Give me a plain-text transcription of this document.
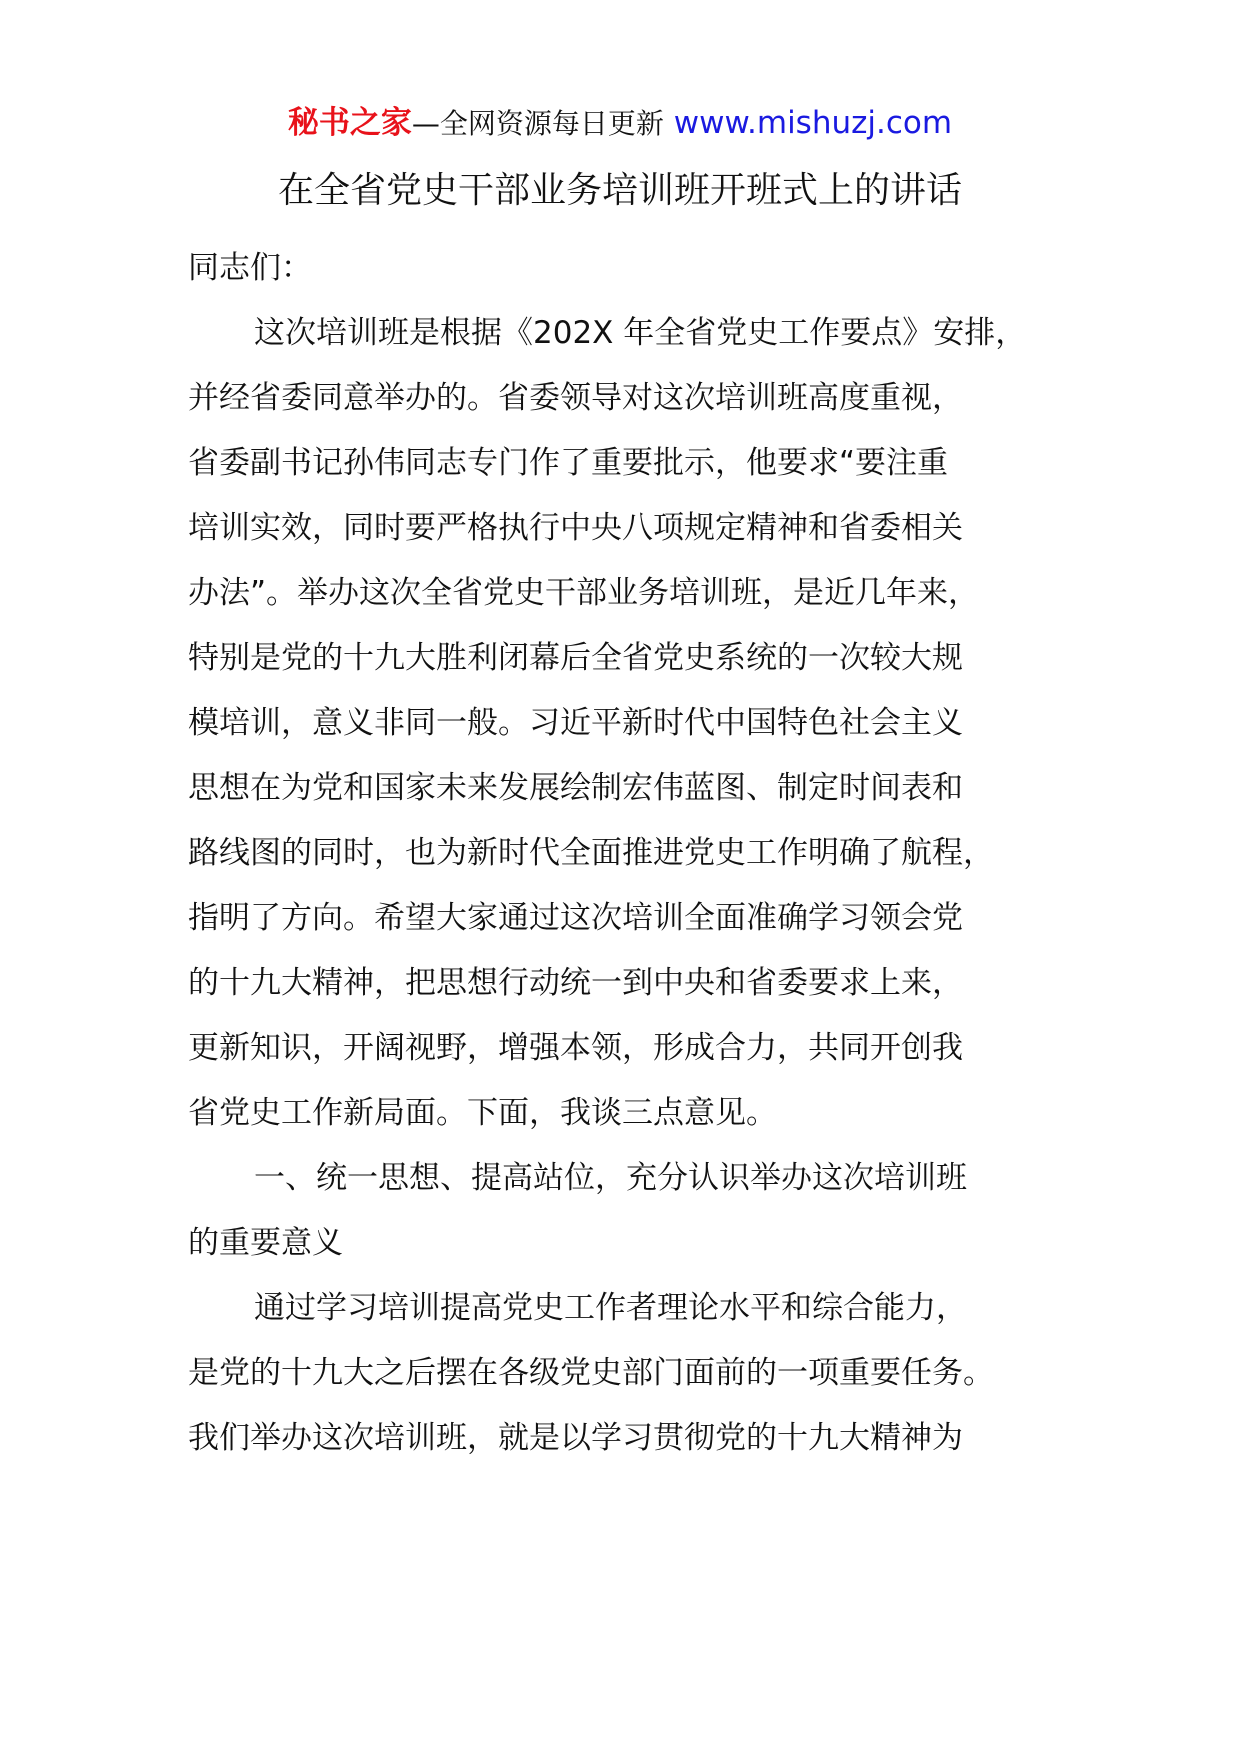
秘书之家—全网资源每日更新 www.mishuzj.com
在全省党史干部业务培训班开班式上的讲话
同志们：
这次培训班是根据《202X 年全省党史工作要点》安排，
并经省委同意举办的。省委领导对这次培训班高度重视，
省委副书记孙伟同志专门作了重要批示，他要求“要注重
培训实效，同时要严格执行中央八项规定精神和省委相关
办法”。举办这次全省党史干部业务培训班，是近几年来，
特别是党的十九大胜利闭幕后全省党史系统的一次较大规
模培训，意义非同一般。习近平新时代中国特色社会主义
思想在为党和国家未来发展绘制宏伟蓝图、制定时间表和
路线图的同时，也为新时代全面推进党史工作明确了航程，
指明了方向。希望大家通过这次培训全面准确学习领会党
的十九大精神，把思想行动统一到中央和省委要求上来，
更新知识，开阔视野，增强本领，形成合力，共同开创我
省党史工作新局面。下面，我谈三点意见。
一、统一思想、提高站位，充分认识举办这次培训班
的重要意义
通过学习培训提高党史工作者理论水平和综合能力，
是党的十九大之后摆在各级党史部门面前的一项重要任务。
我们举办这次培训班，就是以学习贯彻党的十九大精神为
